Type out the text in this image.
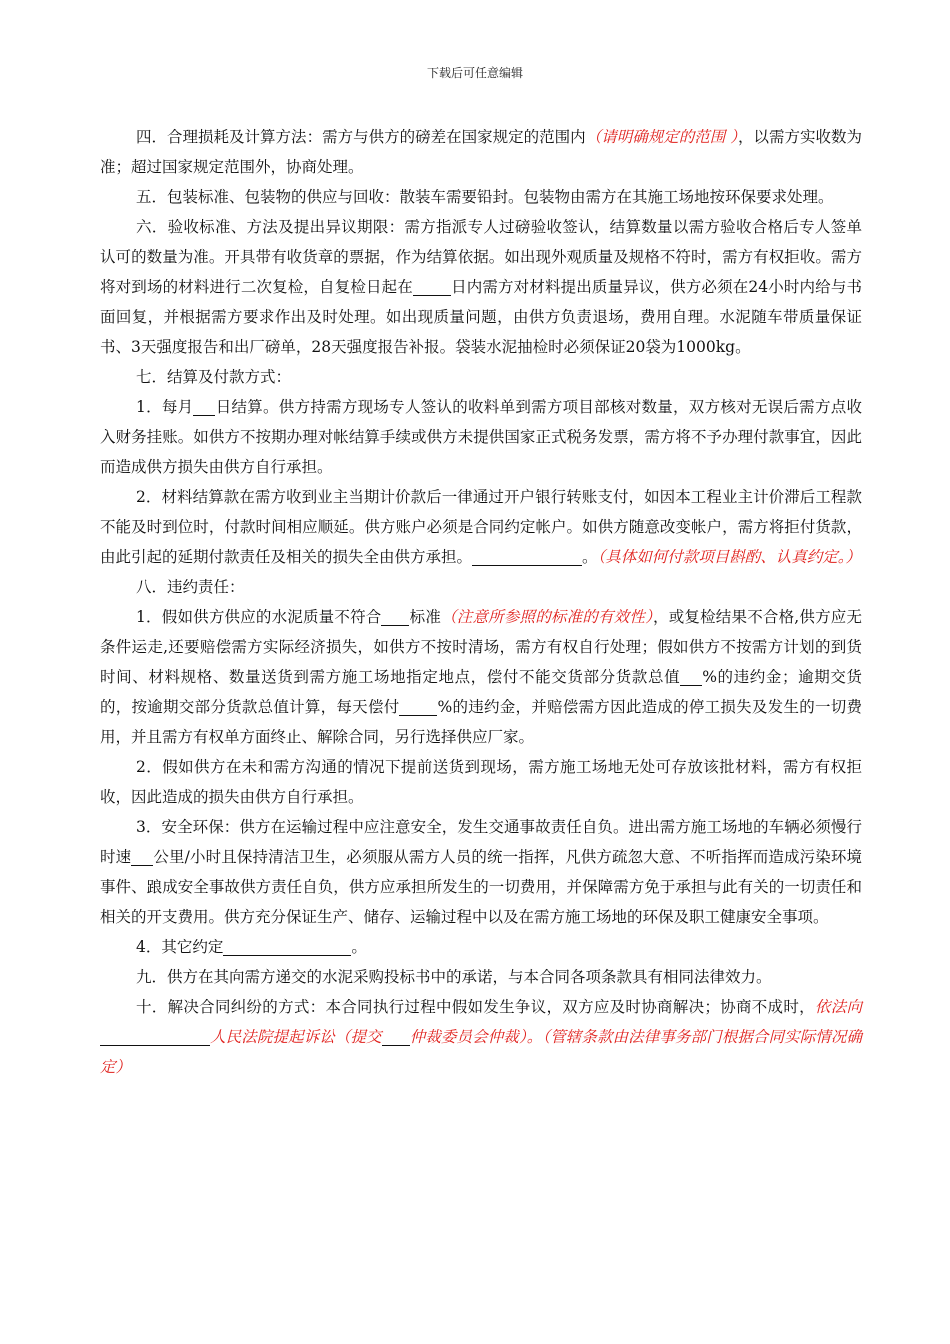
下载后可任意编辑

四．合理损耗及计算方法：需方与供方的磅差在国家规定的范围内（请明确规定的范围 ），以需方实收数为准；超过国家规定范围外，协商处理。

五．包装标准、包装物的供应与回收：散装车需要铅封。包装物由需方在其施工场地按环保要求处理。

六．验收标准、方法及提出异议期限：需方指派专人过磅验收签认，结算数量以需方验收合格后专人签单认可的数量为准。开具带有收货章的票据，作为结算依据。如出现外观质量及规格不符时，需方有权拒收。需方将对到场的材料进行二次复检，自复检日起在 日内需方对材料提出质量异议，供方必须在24小时内给与书面回复，并根据需方要求作出及时处理。如出现质量问题，由供方负责退场，费用自理。水泥随车带质量保证书、3天强度报告和出厂磅单，28天强度报告补报。袋装水泥抽检时必须保证20袋为1000kg。

七．结算及付款方式：

1．每月 日结算。供方持需方现场专人签认的收料单到需方项目部核对数量，双方核对无误后需方点收入财务挂账。如供方不按期办理对帐结算手续或供方未提供国家正式税务发票，需方将不予办理付款事宜，因此而造成供方损失由供方自行承担。

2．材料结算款在需方收到业主当期计价款后一律通过开户银行转账支付，如因本工程业主计价滞后工程款不能及时到位时，付款时间相应顺延。供方账户必须是合同约定帐户。如供方随意改变帐户，需方将拒付货款，由此引起的延期付款责任及相关的损失全由供方承担。	。（具体如何付款项目斟酌、认真约定。）

八．违约责任：

1．假如供方供应的水泥质量不符合 标准（注意所参照的标准的有效性），或复检结果不合格,供方应无条件运走,还要赔偿需方实际经济损失，如供方不按时清场，需方有权自行处理；假如供方不按需方计划的到货时间、材料规格、数量送货到需方施工场地指定地点，偿付不能交货部分货款总值 %的违约金；逾期交货的，按逾期交部分货款总值计算，每天偿付 %的违约金，并赔偿需方因此造成的停工损失及发生的一切费用，并且需方有权单方面终止、解除合同，另行选择供应厂家。

2．假如供方在未和需方沟通的情况下提前送货到现场，需方施工场地无处可存放该批材料，需方有权拒收，因此造成的损失由供方自行承担。

3．安全环保：供方在运输过程中应注意安全，发生交通事故责任自负。进出需方施工场地的车辆必须慢行时速 公里/小时且保持清洁卫生，必须服从需方人员的统一指挥，凡供方疏忽大意、不听指挥而造成污染环境事件、踉成安全事故供方责任自负，供方应承担所发生的一切费用，并保障需方免于承担与此有关的一切责任和相关的开支费用。供方充分保证生产、储存、运输过程中以及在需方施工场地的环保及职工健康安全事项。

4．其它约定	。

九．供方在其向需方递交的水泥采购投标书中的承诺，与本合同各项条款具有相同法律效力。

十．解决合同纠纷的方式：本合同执行过程中假如发生争议，双方应及时协商解决；协商不成时，依法向人民法院提起诉讼（提交 仲裁委员会仲裁）。（管辖条款由法律事务部门根据合同实际情况确定）
